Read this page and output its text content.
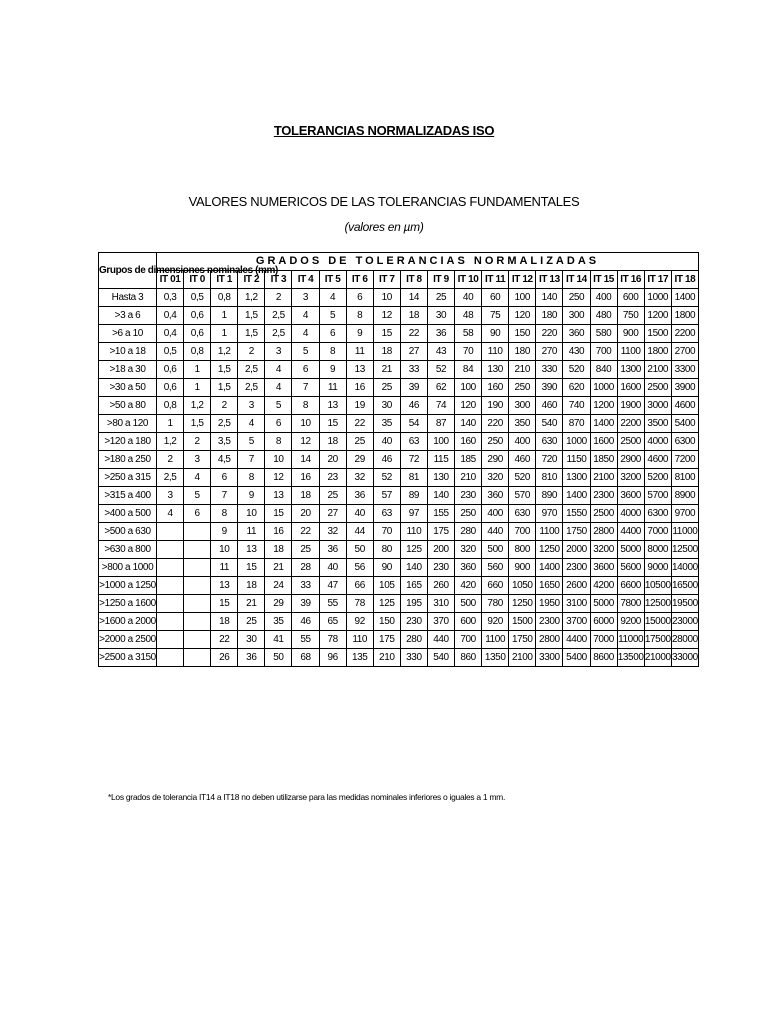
TOLERANCIAS NORMALIZADAS ISO
VALORES NUMERICOS DE LAS TOLERANCIAS FUNDAMENTALES
(valores en µm)
Grupos de dimensiones nominales (mm)	GRADOS DE TOLERANCIAS NORMALIZADAS																			
	IT 01	IT 0	IT 1	IT 2	IT 3	IT 4	IT 5	IT 6	IT 7	IT 8	IT 9	IT 10	IT 11	IT 12	IT 13	IT 14	IT 15	IT 16	IT 17	IT 18
Hasta 3	0,3	0,5	0,8	1,2	2	3	4	6	10	14	25	40	60	100	140	250	400	600	1000	1400
>3 a 6	0,4	0,6	1	1,5	2,5	4	5	8	12	18	30	48	75	120	180	300	480	750	1200	1800
>6 a 10	0,4	0,6	1	1,5	2,5	4	6	9	15	22	36	58	90	150	220	360	580	900	1500	2200
>10 a 18	0,5	0,8	1,2	2	3	5	8	11	18	27	43	70	110	180	270	430	700	1100	1800	2700
>18 a 30	0,6	1	1,5	2,5	4	6	9	13	21	33	52	84	130	210	330	520	840	1300	2100	3300
>30 a 50	0,6	1	1,5	2,5	4	7	11	16	25	39	62	100	160	250	390	620	1000	1600	2500	3900
>50 a 80	0,8	1,2	2	3	5	8	13	19	30	46	74	120	190	300	460	740	1200	1900	3000	4600
>80 a 120	1	1,5	2,5	4	6	10	15	22	35	54	87	140	220	350	540	870	1400	2200	3500	5400
>120 a 180	1,2	2	3,5	5	8	12	18	25	40	63	100	160	250	400	630	1000	1600	2500	4000	6300
>180 a 250	2	3	4,5	7	10	14	20	29	46	72	115	185	290	460	720	1150	1850	2900	4600	7200
>250 a 315	2,5	4	6	8	12	16	23	32	52	81	130	210	320	520	810	1300	2100	3200	5200	8100
>315 a 400	3	5	7	9	13	18	25	36	57	89	140	230	360	570	890	1400	2300	3600	5700	8900
>400 a 500	4	6	8	10	15	20	27	40	63	97	155	250	400	630	970	1550	2500	4000	6300	9700
>500 a 630			9	11	16	22	32	44	70	110	175	280	440	700	1100	1750	2800	4400	7000	11000
>630 a 800			10	13	18	25	36	50	80	125	200	320	500	800	1250	2000	3200	5000	8000	12500
>800 a 1000			11	15	21	28	40	56	90	140	230	360	560	900	1400	2300	3600	5600	9000	14000
>1000 a 1250			13	18	24	33	47	66	105	165	260	420	660	1050	1650	2600	4200	6600	10500	16500
>1250 a 1600			15	21	29	39	55	78	125	195	310	500	780	1250	1950	3100	5000	7800	12500	19500
>1600 a 2000			18	25	35	46	65	92	150	230	370	600	920	1500	2300	3700	6000	9200	15000	23000
>2000 a 2500			22	30	41	55	78	110	175	280	440	700	1100	1750	2800	4400	7000	11000	17500	28000
>2500 a 3150			26	36	50	68	96	135	210	330	540	860	1350	2100	3300	5400	8600	13500	21000	33000
*Los grados de tolerancia IT14 a IT18 no deben utilizarse para las medidas nominales inferiores o iguales a 1 mm.
